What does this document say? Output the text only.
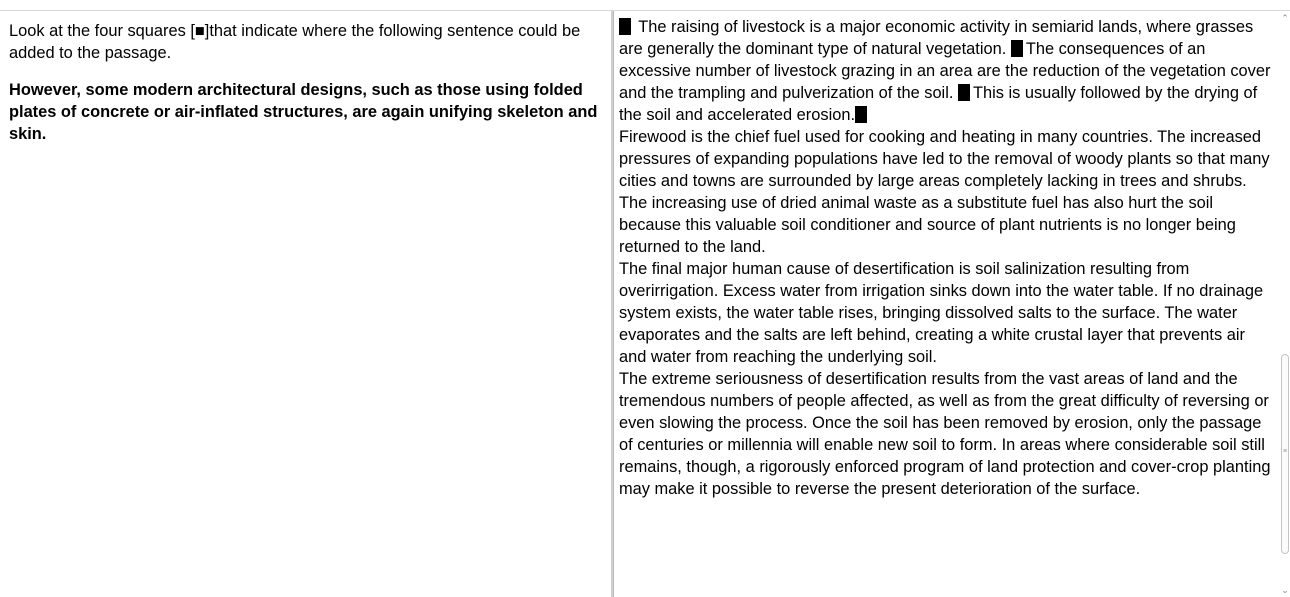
Look at the four squares [■]that indicate where the following sentence could be added to the passage.

However, some modern architectural designs, such as those using folded plates of concrete or air-inflated structures, are again unifying skeleton and skin.

The raising of livestock is a major economic activity in semiarid lands, where grasses are generally the dominant type of natural vegetation. The consequences of an excessive number of livestock grazing in an area are the reduction of the vegetation cover and the trampling and pulverization of the soil. This is usually followed by the drying of the soil and accelerated erosion.

Firewood is the chief fuel used for cooking and heating in many countries. The increased pressures of expanding populations have led to the removal of woody plants so that many cities and towns are surrounded by large areas completely lacking in trees and shrubs. The increasing use of dried animal waste as a substitute fuel has also hurt the soil because this valuable soil conditioner and source of plant nutrients is no longer being returned to the land.

The final major human cause of desertification is soil salinization resulting from overirrigation. Excess water from irrigation sinks down into the water table. If no drainage system exists, the water table rises, bringing dissolved salts to the surface. The water evaporates and the salts are left behind, creating a white crustal layer that prevents air and water from reaching the underlying soil.

The extreme seriousness of desertification results from the vast areas of land and the tremendous numbers of people affected, as well as from the great difficulty of reversing or even slowing the process. Once the soil has been removed by erosion, only the passage of centuries or millennia will enable new soil to form. In areas where considerable soil still remains, though, a rigorously enforced program of land protection and cover-crop planting may make it possible to reverse the present deterioration of the surface.

⌃
≡
⌄
